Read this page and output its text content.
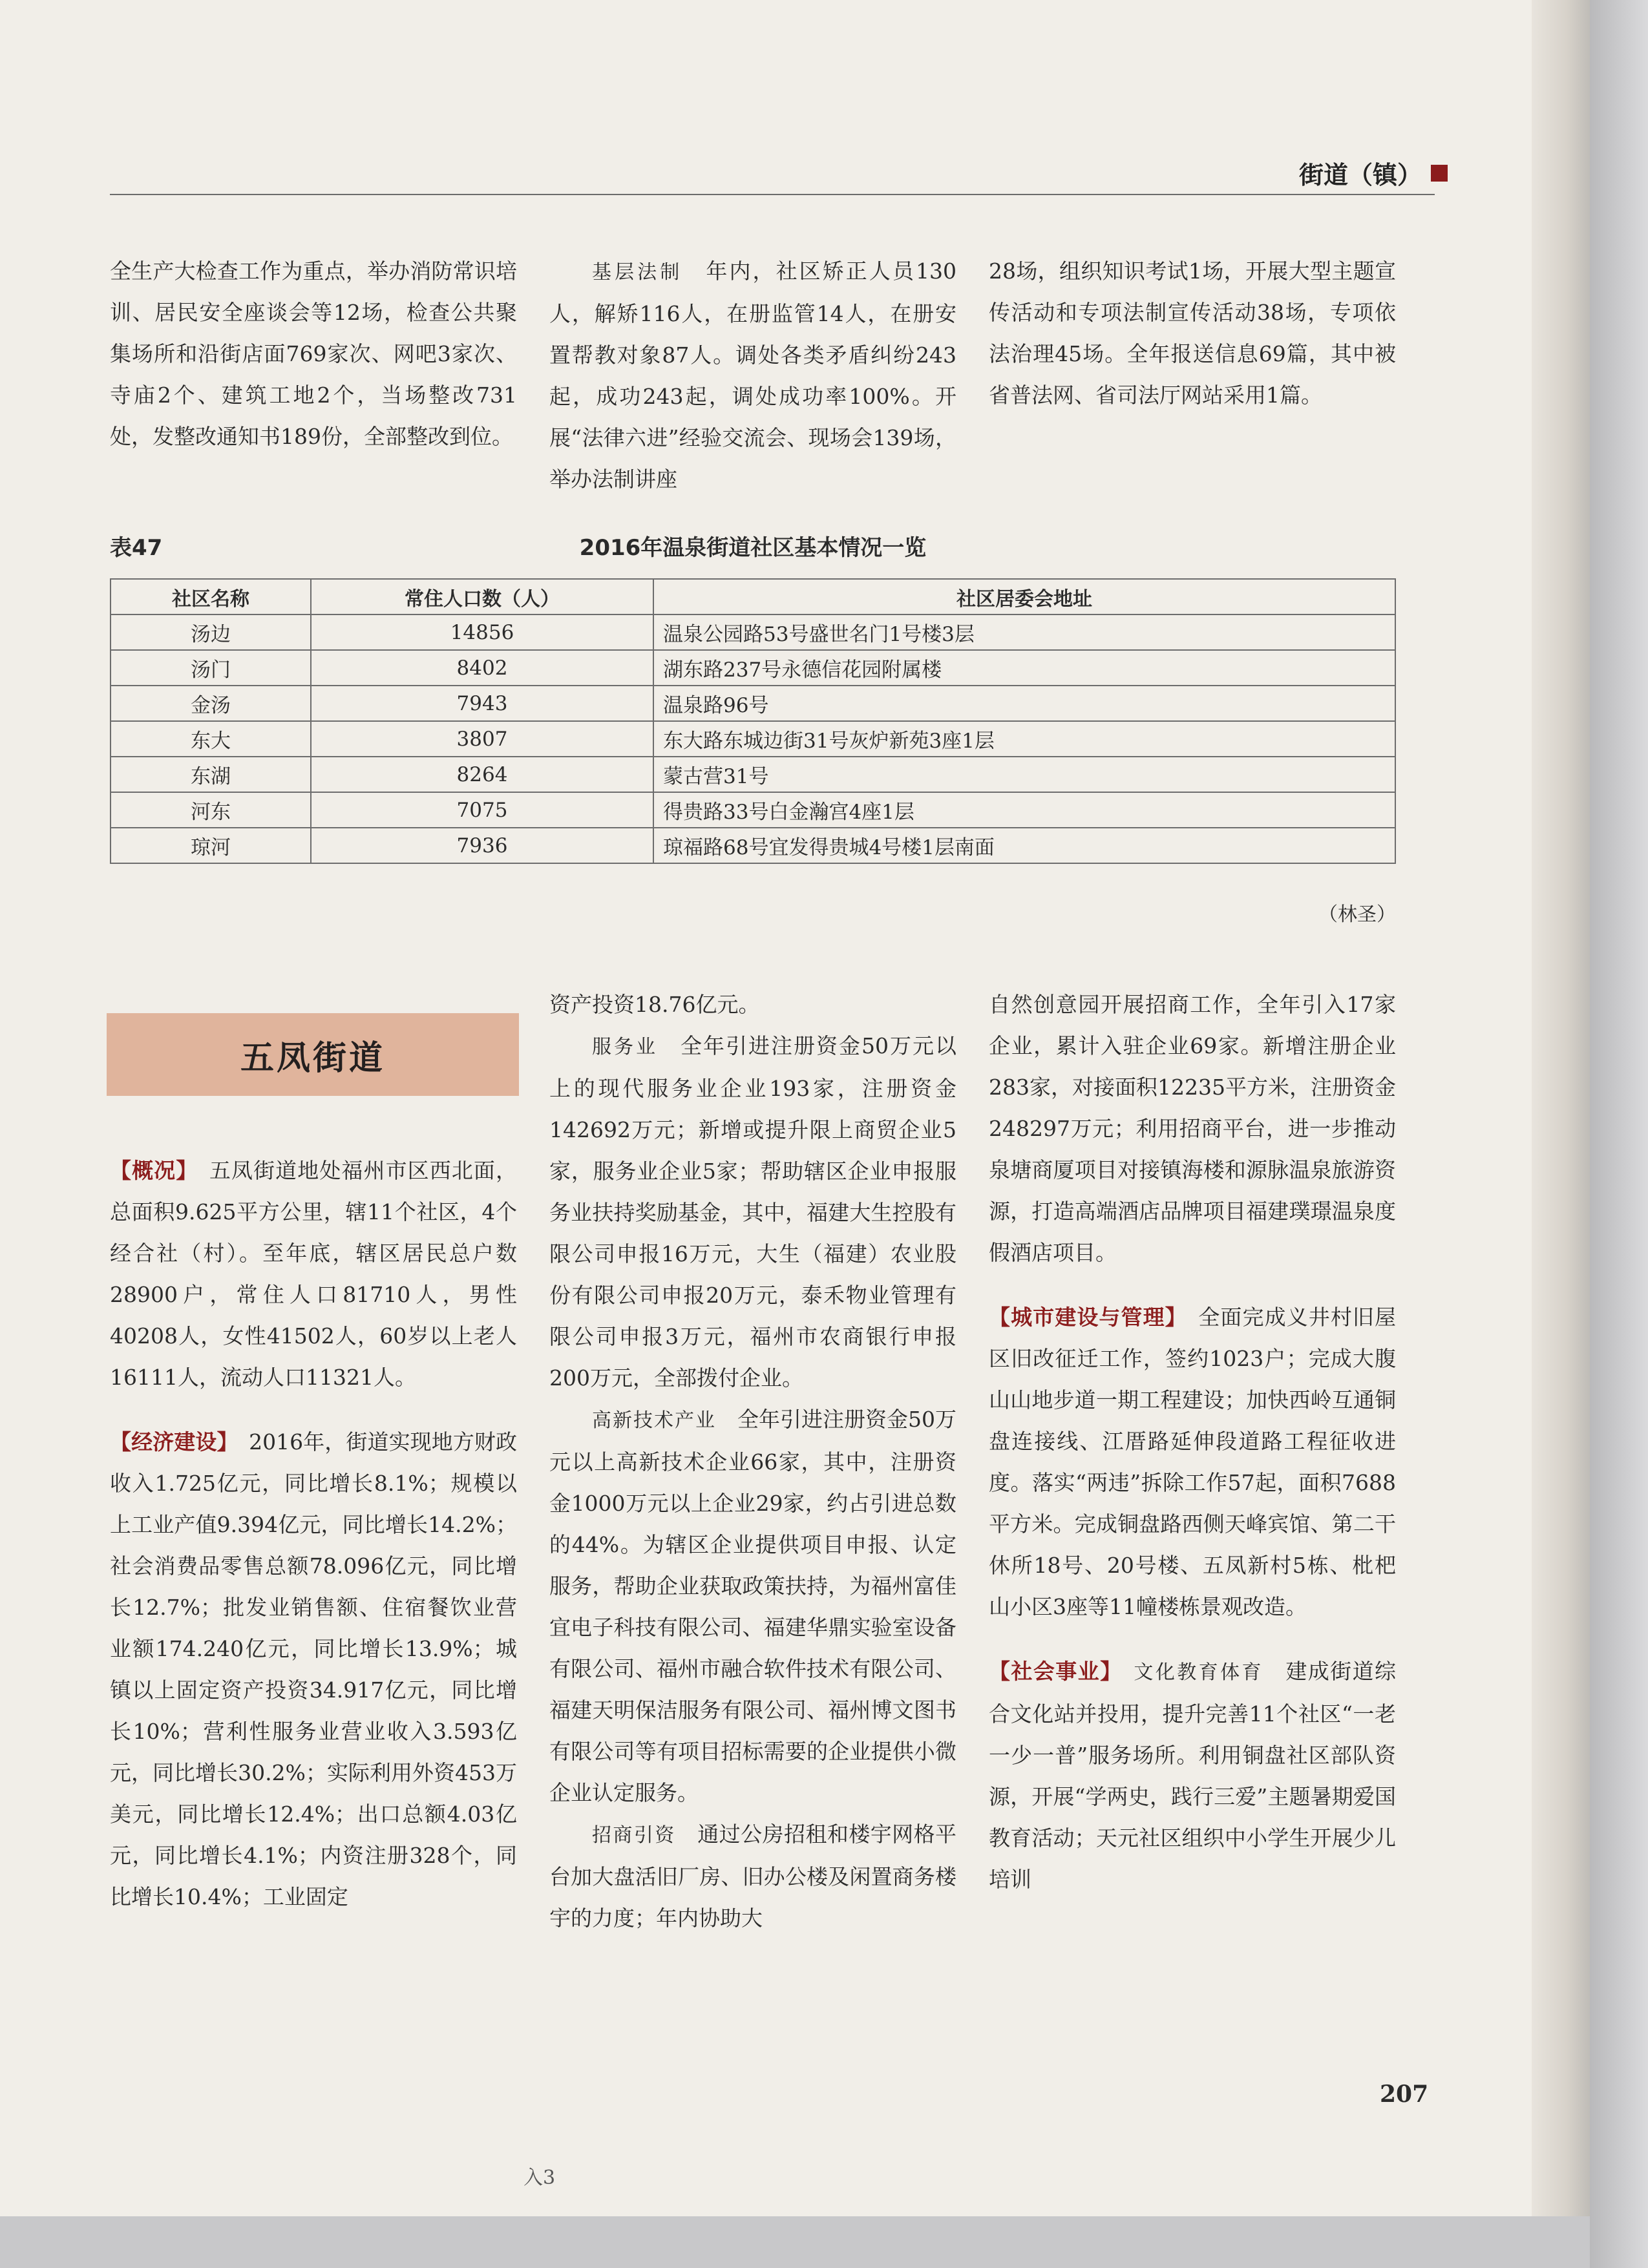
街道（镇）

全生产大检查工作为重点，举办消防常识培训、居民安全座谈会等12场，检查公共聚集场所和沿街店面769家次、网吧3家次、寺庙2个、建筑工地2个，当场整改731处，发整改通知书189份，全部整改到位。

基层法制　 年内，社区矫正人员130人，解矫116人，在册监管14人，在册安置帮教对象87人。调处各类矛盾纠纷243起，成功243起，调处成功率100%。开展“法律六进”经验交流会、现场会139场，举办法制讲座

28场，组织知识考试1场，开展大型主题宣传活动和专项法制宣传活动38场，专项依法治理45场。全年报送信息69篇，其中被省普法网、省司法厅网站采用1篇。

表47	2016年温泉街道社区基本情况一览
社区名称	常住人口数（人）	社区居委会地址
汤边	14856	温泉公园路53号盛世名门1号楼3层
汤门	8402	湖东路237号永德信花园附属楼
金汤	7943	温泉路96号
东大	3807	东大路东城边街31号灰炉新苑3座1层
东湖	8264	蒙古营31号
河东	7075	得贵路33号白金瀚宫4座1层
琼河	7936	琼福路68号宜发得贵城4号楼1层南面
（林圣）
五凤街道

【概况】　 五凤街道地处福州市区西北面，总面积9.625平方公里，辖11个社区，4个经合社（村）。至年底，辖区居民总户数28900户，常住人口81710人，男性40208人，女性41502人，60岁以上老人16111人，流动人口11321人。

【经济建设】　 2016年，街道实现地方财政收入1.725亿元，同比增长8.1%；规模以上工业产值9.394亿元，同比增长14.2%；社会消费品零售总额78.096亿元，同比增长12.7%；批发业销售额、住宿餐饮业营业额174.240亿元，同比增长13.9%；城镇以上固定资产投资34.917亿元，同比增长10%；营利性服务业营业收入3.593亿元，同比增长30.2%；实际利用外资453万美元，同比增长12.4%；出口总额4.03亿元，同比增长4.1%；内资注册328个，同比增长10.4%；工业固定

资产投资18.76亿元。

服务业　 全年引进注册资金50万元以上的现代服务业企业193家，注册资金142692万元；新增或提升限上商贸企业5家，服务业企业5家；帮助辖区企业申报服务业扶持奖励基金，其中，福建大生控股有限公司申报16万元，大生（福建）农业股份有限公司申报20万元，泰禾物业管理有限公司申报3万元，福州市农商银行申报200万元，全部拨付企业。

高新技术产业　 全年引进注册资金50万元以上高新技术企业66家，其中，注册资金1000万元以上企业29家，约占引进总数的44%。为辖区企业提供项目申报、认定服务，帮助企业获取政策扶持，为福州富佳宜电子科技有限公司、福建华鼎实验室设备有限公司、福州市融合软件技术有限公司、福建天明保洁服务有限公司、福州博文图书有限公司等有项目招标需要的企业提供小微企业认定服务。

招商引资　 通过公房招租和楼宇网格平台加大盘活旧厂房、旧办公楼及闲置商务楼宇的力度；年内协助大

自然创意园开展招商工作，全年引入17家企业，累计入驻企业69家。新增注册企业283家，对接面积12235平方米，注册资金248297万元；利用招商平台，进一步推动泉塘商厦项目对接镇海楼和源脉温泉旅游资源，打造高端酒店品牌项目福建璞璟温泉度假酒店项目。

【城市建设与管理】　 全面完成义井村旧屋区旧改征迁工作，签约1023户；完成大腹山山地步道一期工程建设；加快西岭互通铜盘连接线、江厝路延伸段道路工程征收进度。落实“两违”拆除工作57起，面积7688平方米。完成铜盘路西侧天峰宾馆、第二干休所18号、20号楼、五凤新村5栋、枇杷山小区3座等11幢楼栋景观改造。

【社会事业】　 文化教育体育　 建成街道综合文化站并投用，提升完善11个社区“一老一少一普”服务场所。利用铜盘社区部队资源，开展“学两史，践行三爱”主题暑期爱国教育活动；天元社区组织中小学生开展少儿培训

207
入3
